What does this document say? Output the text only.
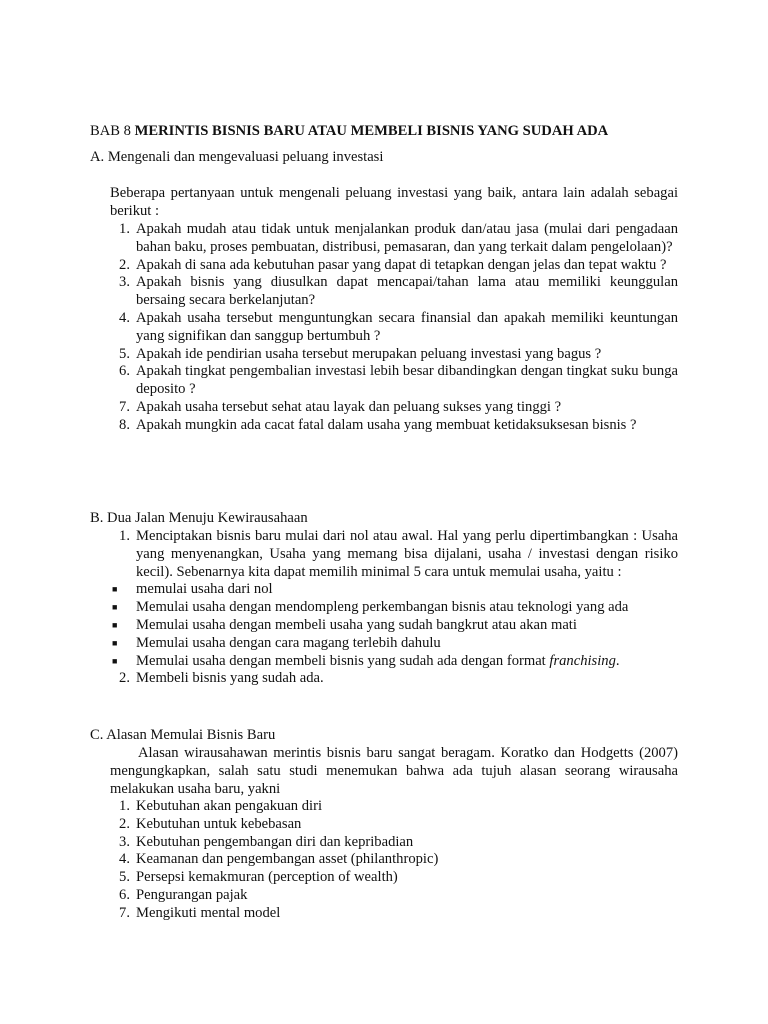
BAB 8 MERINTIS BISNIS BARU ATAU MEMBELI BISNIS YANG SUDAH ADA
A. Mengenali dan mengevaluasi peluang investasi
Beberapa pertanyaan untuk mengenali peluang investasi yang baik, antara lain adalah sebagai berikut :
1. Apakah mudah atau tidak untuk menjalankan produk dan/atau jasa (mulai dari pengadaan bahan baku, proses pembuatan, distribusi, pemasaran, dan yang terkait dalam pengelolaan)?
2. Apakah di sana ada kebutuhan pasar yang dapat di tetapkan dengan jelas dan tepat waktu ?
3. Apakah bisnis yang diusulkan dapat mencapai/tahan lama atau memiliki keunggulan bersaing secara berkelanjutan?
4. Apakah usaha tersebut menguntungkan secara finansial dan apakah memiliki keuntungan yang signifikan dan sanggup bertumbuh ?
5. Apakah ide pendirian usaha tersebut merupakan peluang investasi yang bagus ?
6. Apakah tingkat pengembalian investasi lebih besar dibandingkan dengan tingkat suku bunga deposito ?
7. Apakah usaha tersebut sehat atau layak dan peluang sukses yang tinggi ?
8. Apakah mungkin ada cacat fatal dalam usaha yang membuat ketidaksuksesan bisnis ?
B. Dua Jalan Menuju Kewirausahaan
1. Menciptakan bisnis baru mulai dari nol atau awal. Hal yang perlu dipertimbangkan : Usaha yang menyenangkan, Usaha yang memang bisa dijalani, usaha / investasi dengan risiko kecil). Sebenarnya kita dapat memilih minimal 5 cara untuk memulai usaha, yaitu :
■ memulai usaha dari nol
■ Memulai usaha dengan mendompleng perkembangan bisnis atau teknologi yang ada
■ Memulai usaha dengan membeli usaha yang sudah bangkrut atau akan mati
■ Memulai usaha dengan cara magang terlebih dahulu
■ Memulai usaha dengan membeli bisnis yang sudah ada dengan format franchising.
2. Membeli bisnis yang sudah ada.
C. Alasan Memulai Bisnis Baru
Alasan wirausahawan merintis bisnis baru sangat beragam. Koratko dan Hodgetts (2007) mengungkapkan, salah satu studi menemukan bahwa ada tujuh alasan seorang wirausaha melakukan usaha baru, yakni
1. Kebutuhan akan pengakuan diri
2. Kebutuhan untuk kebebasan
3. Kebutuhan pengembangan diri dan kepribadian
4. Keamanan dan pengembangan asset (philanthropic)
5. Persepsi kemakmuran (perception of wealth)
6. Pengurangan pajak
7. Mengikuti mental model
